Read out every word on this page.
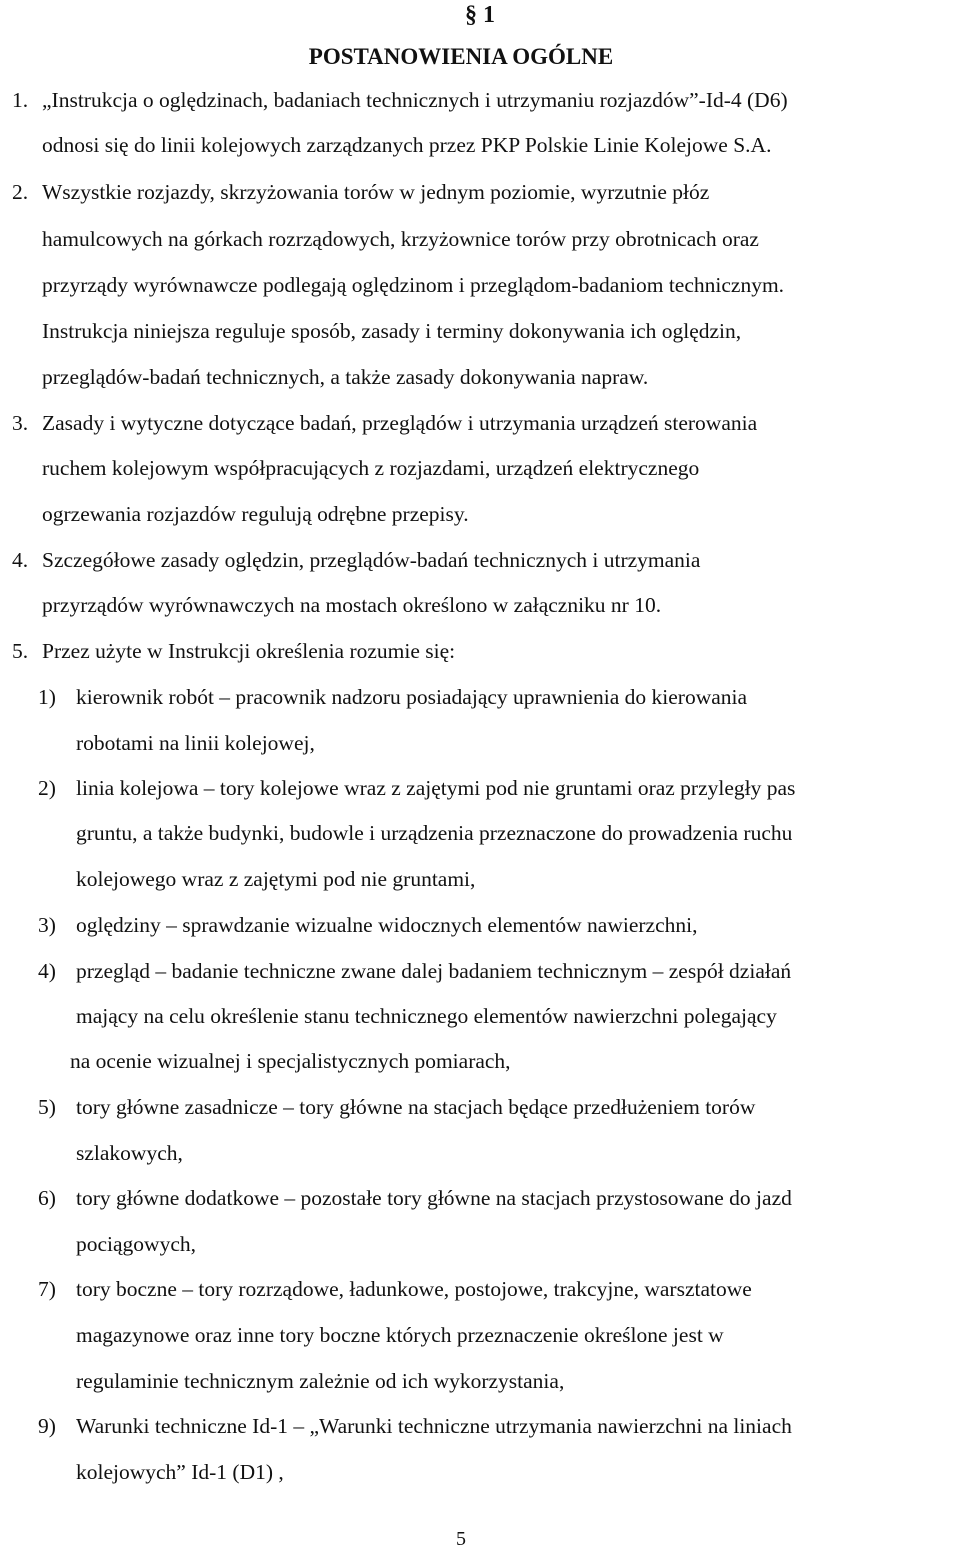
§ 1
POSTANOWIENIA OGÓLNE
1. „Instrukcja o oględzinach, badaniach technicznych i utrzymaniu rozjazdów”-Id-4 (D6)
odnosi się do linii kolejowych zarządzanych przez PKP Polskie Linie Kolejowe S.A.
2. Wszystkie rozjazdy, skrzyżowania torów w jednym poziomie, wyrzutnie płóz
hamulcowych na górkach rozrządowych, krzyżownice torów przy obrotnicach oraz
przyrządy wyrównawcze podlegają oględzinom i przeglądom-badaniom technicznym.
Instrukcja niniejsza reguluje sposób, zasady i terminy dokonywania ich oględzin,
przeglądów-badań technicznych, a także zasady dokonywania napraw.
3. Zasady i wytyczne dotyczące badań, przeglądów i utrzymania urządzeń sterowania
ruchem kolejowym współpracujących z rozjazdami, urządzeń elektrycznego
ogrzewania rozjazdów regulują odrębne przepisy.
4. Szczegółowe zasady oględzin, przeglądów-badań technicznych i utrzymania
przyrządów wyrównawczych na mostach określono w załączniku nr 10.
5. Przez użyte w Instrukcji określenia rozumie się:
1) kierownik robót – pracownik nadzoru posiadający uprawnienia do kierowania
robotami na linii kolejowej,
2) linia kolejowa – tory kolejowe wraz z zajętymi pod nie gruntami oraz przyległy pas
gruntu, a także budynki, budowle i urządzenia przeznaczone do prowadzenia ruchu
kolejowego wraz z zajętymi pod nie gruntami,
3) oględziny – sprawdzanie wizualne widocznych elementów nawierzchni,
4) przegląd – badanie techniczne zwane dalej badaniem technicznym – zespół działań
mający na celu określenie stanu technicznego elementów nawierzchni polegający
na ocenie wizualnej i specjalistycznych pomiarach,
5) tory główne zasadnicze – tory główne na stacjach będące przedłużeniem torów
szlakowych,
6) tory główne dodatkowe – pozostałe tory główne na stacjach przystosowane do jazd
pociągowych,
7) tory boczne – tory rozrządowe, ładunkowe, postojowe, trakcyjne, warsztatowe
magazynowe oraz inne tory boczne których przeznaczenie określone jest w
regulaminie technicznym zależnie od ich wykorzystania,
9) Warunki techniczne Id-1 – „Warunki techniczne utrzymania nawierzchni na liniach
kolejowych” Id-1 (D1) ,
5
